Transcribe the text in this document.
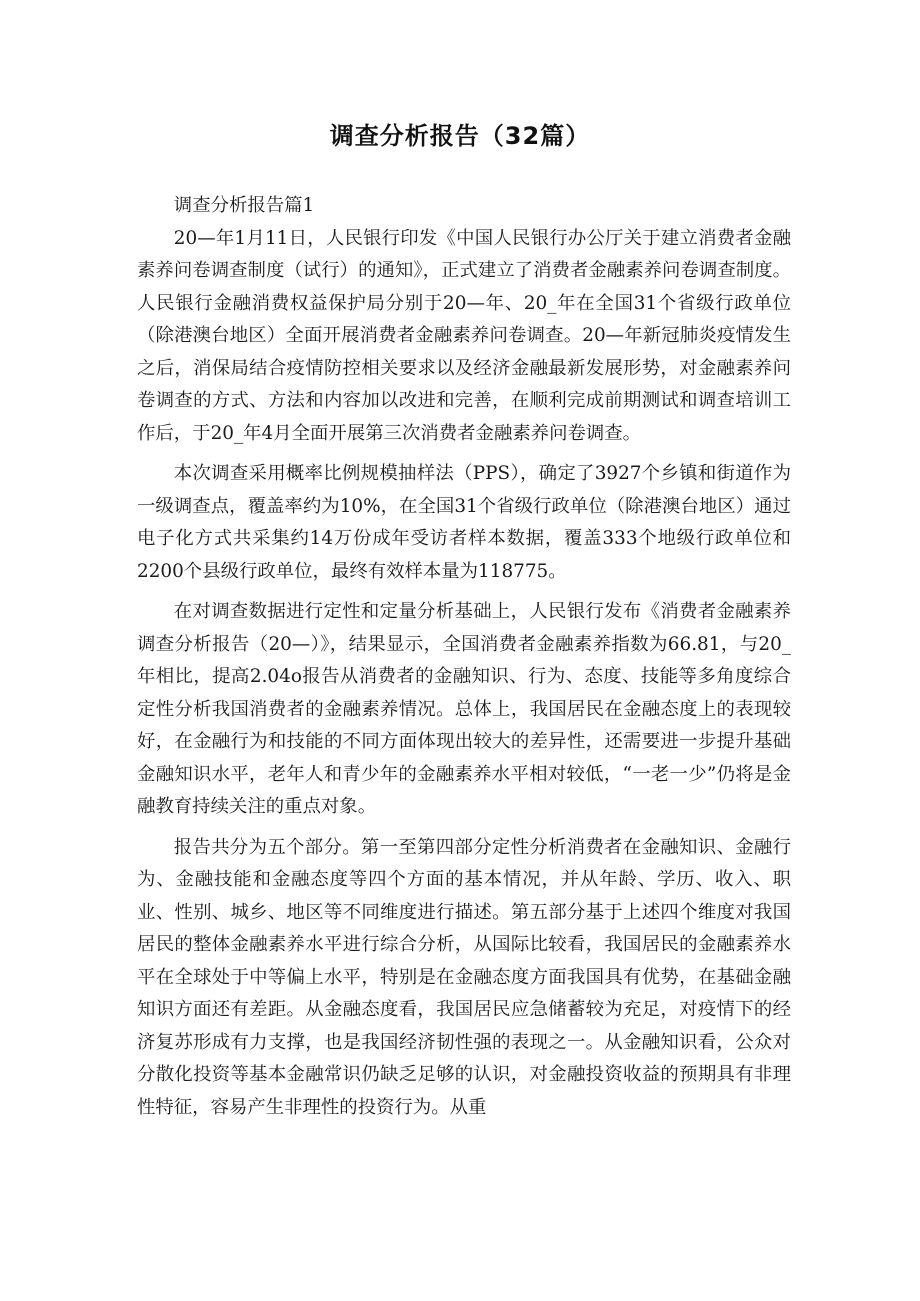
调查分析报告（32篇）

调查分析报告篇1

20—年1月11日，人民银行印发《中国人民银行办公厅关于建立消费者金融素养问卷调查制度（试行）的通知》，正式建立了消费者金融素养问卷调查制度。人民银行金融消费权益保护局分别于20—年、20_年在全国31个省级行政单位（除港澳台地区）全面开展消费者金融素养问卷调查。20—年新冠肺炎疫情发生之后，消保局结合疫情防控相关要求以及经济金融最新发展形势，对金融素养问卷调查的方式、方法和内容加以改进和完善，在顺利完成前期测试和调查培训工作后，于20_年4月全面开展第三次消费者金融素养问卷调查。

本次调查采用概率比例规模抽样法（PPS），确定了3927个乡镇和街道作为一级调查点，覆盖率约为10%，在全国31个省级行政单位（除港澳台地区）通过电子化方式共采集约14万份成年受访者样本数据，覆盖333个地级行政单位和2200个县级行政单位，最终有效样本量为118775。

在对调查数据进行定性和定量分析基础上，人民银行发布《消费者金融素养调查分析报告（20—）》，结果显示，全国消费者金融素养指数为66.81，与20_年相比，提高2.04o报告从消费者的金融知识、行为、态度、技能等多角度综合定性分析我国消费者的金融素养情况。总体上，我国居民在金融态度上的表现较好，在金融行为和技能的不同方面体现出较大的差异性，还需要进一步提升基础金融知识水平，老年人和青少年的金融素养水平相对较低，“一老一少”仍将是金融教育持续关注的重点对象。

报告共分为五个部分。第一至第四部分定性分析消费者在金融知识、金融行为、金融技能和金融态度等四个方面的基本情况，并从年龄、学历、收入、职业、性别、城乡、地区等不同维度进行描述。第五部分基于上述四个维度对我国居民的整体金融素养水平进行综合分析，从国际比较看，我国居民的金融素养水平在全球处于中等偏上水平，特别是在金融态度方面我国具有优势，在基础金融知识方面还有差距。从金融态度看，我国居民应急储蓄较为充足，对疫情下的经济复苏形成有力支撑，也是我国经济韧性强的表现之一。从金融知识看，公众对分散化投资等基本金融常识仍缺乏足够的认识，对金融投资收益的预期具有非理性特征，容易产生非理性的投资行为。从重
